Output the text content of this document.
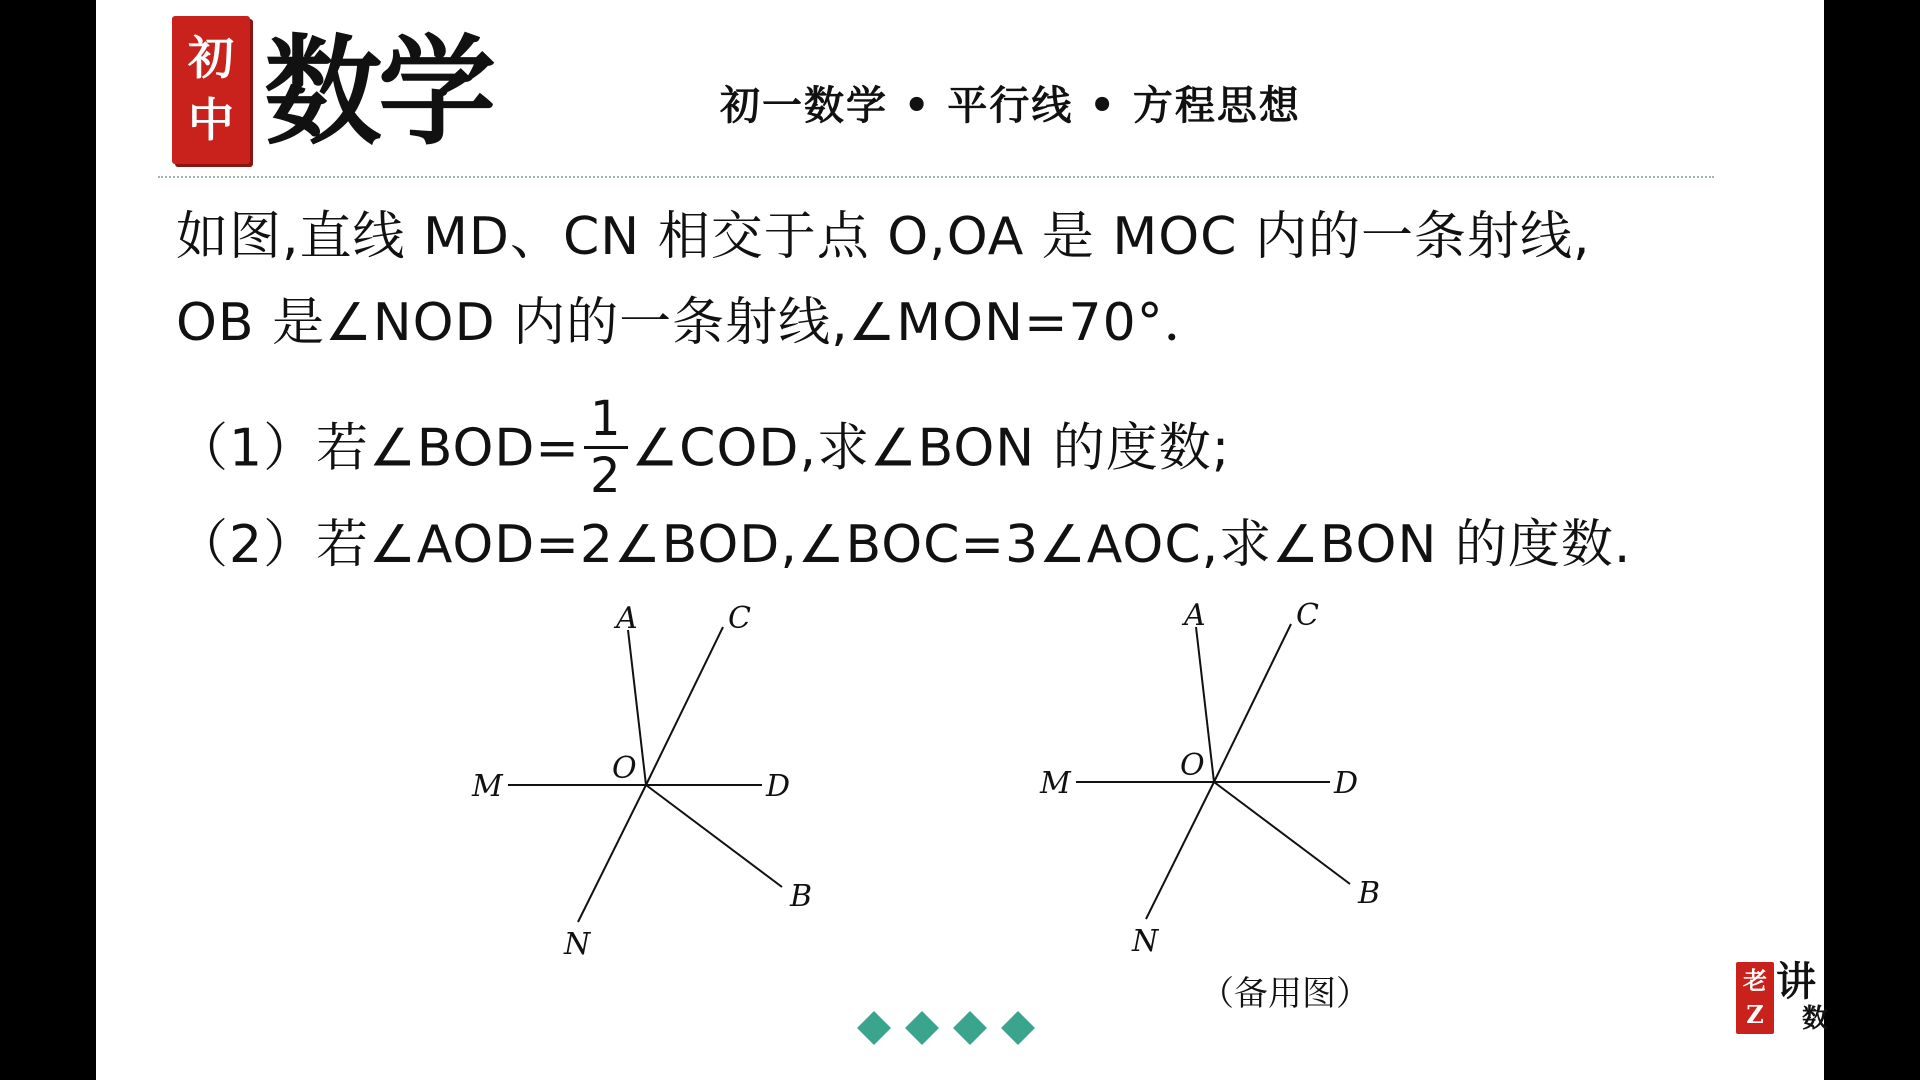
初
中 数学	初一数学 • 平行线 • 方程思想
如图,直线 MD、CN 相交于点 O,OA 是 MOC 内的一条射线,
OB 是∠NOD 内的一条射线,∠MON=70°．
（1）若∠BOD= $\frac{1}{2}$ ∠COD,求∠BON 的度数;
（2）若∠AOD=2∠BOD,∠BOC=3∠AOC,求∠BON 的度数.
A	C
O
M	D
B
N
A	C
O
M	D
B
N
（备用图）	老
Z
讲
数
